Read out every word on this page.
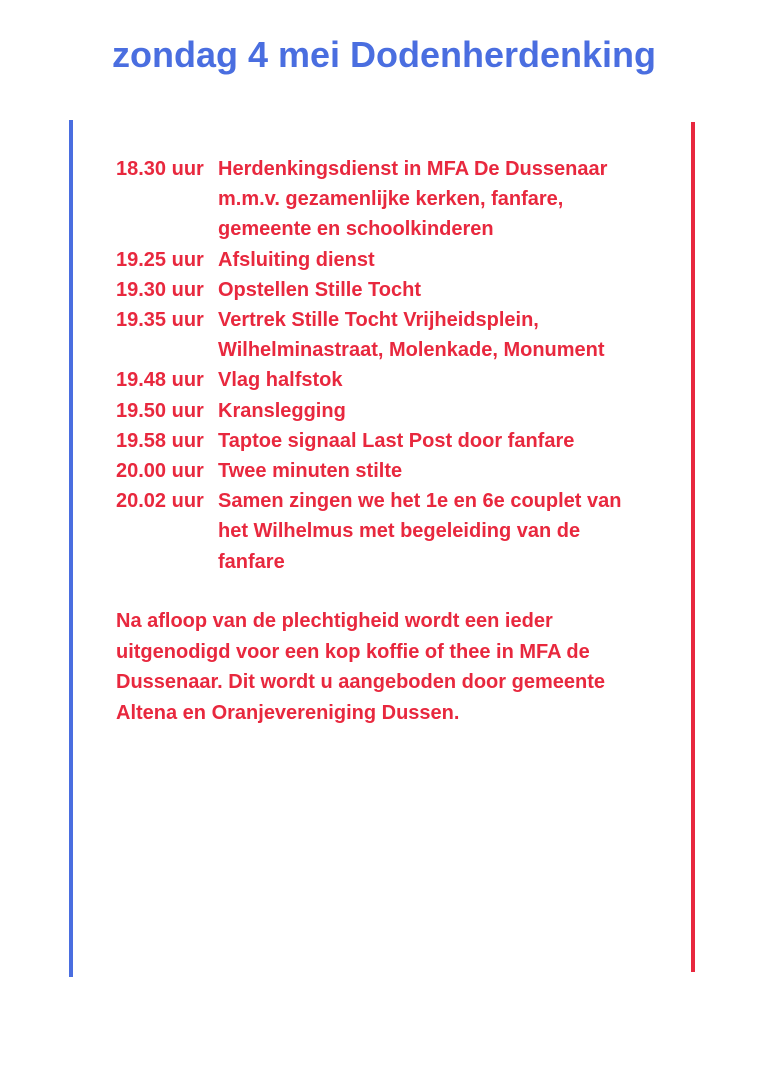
zondag 4 mei Dodenherdenking
18.30 uur Herdenkingsdienst in MFA De Dussenaar
m.m.v. gezamenlijke kerken, fanfare,
gemeente en schoolkinderen
19.25 uur Afsluiting dienst
19.30 uur Opstellen Stille Tocht
19.35 uur Vertrek Stille Tocht Vrijheidsplein,
Wilhelminastraat, Molenkade, Monument
19.48 uur Vlag halfstok
19.50 uur Kranslegging
19.58 uur Taptoe signaal Last Post door fanfare
20.00 uur Twee minuten stilte
20.02 uur Samen zingen we het 1e en 6e couplet van
het Wilhelmus met begeleiding van de
fanfare

Na afloop van de plechtigheid wordt een ieder
uitgenodigd voor een kop koffie of thee in MFA de
Dussenaar. Dit wordt u aangeboden door gemeente
Altena en Oranjevereniging Dussen.
